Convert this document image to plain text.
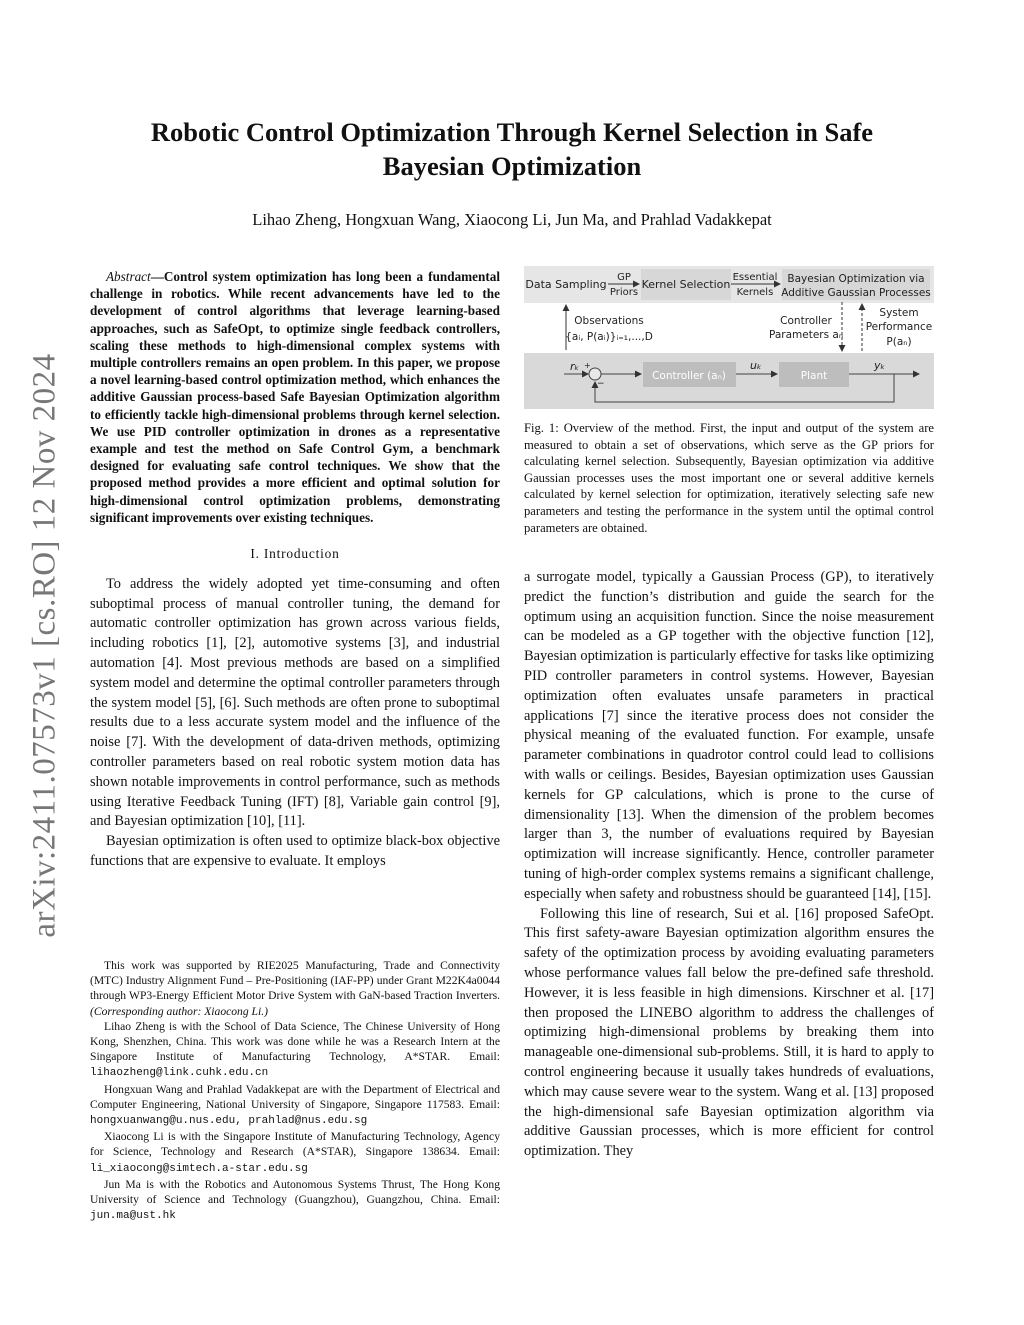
arXiv:2411.07573v1 [cs.RO] 12 Nov 2024
Robotic Control Optimization Through Kernel Selection in Safe
Bayesian Optimization
Lihao Zheng, Hongxuan Wang, Xiaocong Li, Jun Ma, and Prahlad Vadakkepat

Abstract—Control system optimization has long been a fundamental challenge in robotics. While recent advancements have led to the development of control algorithms that leverage learning-based approaches, such as SafeOpt, to optimize single feedback controllers, scaling these methods to high-dimensional complex systems with multiple controllers remains an open problem. In this paper, we propose a novel learning-based control optimization method, which enhances the additive Gaussian process-based Safe Bayesian Optimization algorithm to efficiently tackle high-dimensional problems through kernel selection. We use PID controller optimization in drones as a representative example and test the method on Safe Control Gym, a benchmark designed for evaluating safe control techniques. We show that the proposed method provides a more efficient and optimal solution for high-dimensional control optimization problems, demonstrating significant improvements over existing techniques.

I. Introduction

To address the widely adopted yet time-consuming and often suboptimal process of manual controller tuning, the demand for automatic controller optimization has grown across various fields, including robotics [1], [2], automotive systems [3], and industrial automation [4]. Most previous methods are based on a simplified system model and determine the optimal controller parameters through the system model [5], [6]. Such methods are often prone to suboptimal results due to a less accurate system model and the influence of the noise [7]. With the development of data-driven methods, optimizing controller parameters based on real robotic system motion data has shown notable improvements in control performance, such as methods using Iterative Feedback Tuning (IFT) [8], Variable gain control [9], and Bayesian optimization [10], [11].

Bayesian optimization is often used to optimize black-box objective functions that are expensive to evaluate. It employs

This work was supported by RIE2025 Manufacturing, Trade and Connectivity (MTC) Industry Alignment Fund – Pre-Positioning (IAF-PP) under Grant M22K4a0044 through WP3-Energy Efficient Motor Drive System with GaN-based Traction Inverters. (Corresponding author: Xiaocong Li.)

Lihao Zheng is with the School of Data Science, The Chinese University of Hong Kong, Shenzhen, China. This work was done while he was a Research Intern at the Singapore Institute of Manufacturing Technology, A*STAR. Email: lihaozheng@link.cuhk.edu.cn

Hongxuan Wang and Prahlad Vadakkepat are with the Department of Electrical and Computer Engineering, National University of Singapore, Singapore 117583. Email: hongxuanwang@u.nus.edu, prahlad@nus.edu.sg

Xiaocong Li is with the Singapore Institute of Manufacturing Technology, Agency for Science, Technology and Research (A*STAR), Singapore 138634. Email: li_xiaocong@simtech.a-star.edu.sg

Jun Ma is with the Robotics and Autonomous Systems Thrust, The Hong Kong University of Science and Technology (Guangzhou), Guangzhou, China. Email: jun.ma@ust.hk

Data Sampling
GP
Priors
Kernel Selection
Essential
Kernels
Bayesian Optimization via
Additive Gaussian Processes
Observations
{aᵢ, P(aᵢ)}ᵢ₌₁,...,D
Controller
Parameters aₙ
System
Performance
P(aₙ)
rₖ +
−
Controller (aₙ)
uₖ
Plant
yₖ

Fig. 1: Overview of the method. First, the input and output of the system are measured to obtain a set of observations, which serve as the GP priors for calculating kernel selection. Subsequently, Bayesian optimization via additive Gaussian processes uses the most important one or several additive kernels calculated by kernel selection for optimization, iteratively selecting safe new parameters and testing the performance in the system until the optimal control parameters are obtained.

a surrogate model, typically a Gaussian Process (GP), to iteratively predict the function’s distribution and guide the search for the optimum using an acquisition function. Since the noise measurement can be modeled as a GP together with the objective function [12], Bayesian optimization is particularly effective for tasks like optimizing PID controller parameters in control systems. However, Bayesian optimization often evaluates unsafe parameters in practical applications [7] since the iterative process does not consider the physical meaning of the evaluated function. For example, unsafe parameter combinations in quadrotor control could lead to collisions with walls or ceilings. Besides, Bayesian optimization uses Gaussian kernels for GP calculations, which is prone to the curse of dimensionality [13]. When the dimension of the problem becomes larger than 3, the number of evaluations required by Bayesian optimization will increase significantly. Hence, controller parameter tuning of high-order complex systems remains a significant challenge, especially when safety and robustness should be guaranteed [14], [15].

Following this line of research, Sui et al. [16] proposed SafeOpt. This first safety-aware Bayesian optimization algorithm ensures the safety of the optimization process by avoiding evaluating parameters whose performance values fall below the pre-defined safe threshold. However, it is less feasible in high dimensions. Kirschner et al. [17] then proposed the LINEBO algorithm to address the challenges of optimizing high-dimensional problems by breaking them into manageable one-dimensional sub-problems. Still, it is hard to apply to control engineering because it usually takes hundreds of evaluations, which may cause severe wear to the system. Wang et al. [13] proposed the high-dimensional safe Bayesian optimization algorithm via additive Gaussian processes, which is more efficient for control optimization. They
